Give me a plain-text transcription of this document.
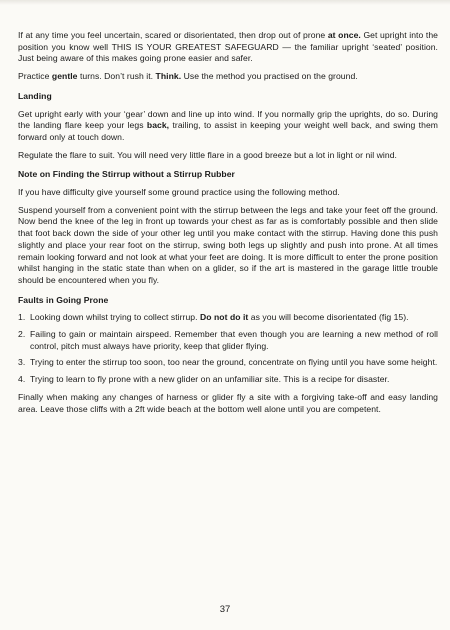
If at any time you feel uncertain, scared or disorientated, then drop out of prone at once. Get upright into the position you know well THIS IS YOUR GREATEST SAFEGUARD — the familiar upright ‘seated’ position. Just being aware of this makes going prone easier and safer.

Practice gentle turns. Don’t rush it. Think. Use the method you practised on the ground.

Landing

Get upright early with your ‘gear’ down and line up into wind. If you normally grip the uprights, do so. During the landing flare keep your legs back, trailing, to assist in keeping your weight well back, and swing them forward only at touch down.

Regulate the flare to suit. You will need very little flare in a good breeze but a lot in light or nil wind.

Note on Finding the Stirrup without a Stirrup Rubber

If you have difficulty give yourself some ground practice using the following method.

Suspend yourself from a convenient point with the stirrup between the legs and take your feet off the ground. Now bend the knee of the leg in front up towards your chest as far as is comfortably possible and then slide that foot back down the side of your other leg until you make contact with the stirrup. Having done this push slightly and place your rear foot on the stirrup, swing both legs up slightly and push into prone. At all times remain looking forward and not look at what your feet are doing. It is more difficult to enter the prone position whilst hanging in the static state than when on a glider, so if the art is mastered in the garage little trouble should be encountered when you fly.

Faults in Going Prone
1. Looking down whilst trying to collect stirrup. Do not do it as you will become disorientated (fig 15).
2. Failing to gain or maintain airspeed. Remember that even though you are learning a new method of roll control, pitch must always have priority, keep that glider flying.
3. Trying to enter the stirrup too soon, too near the ground, concentrate on flying until you have some height.
4. Trying to learn to fly prone with a new glider on an unfamiliar site. This is a recipe for disaster.

Finally when making any changes of harness or glider fly a site with a forgiving take-off and easy landing area. Leave those cliffs with a 2ft wide beach at the bottom well alone until you are competent.

37
